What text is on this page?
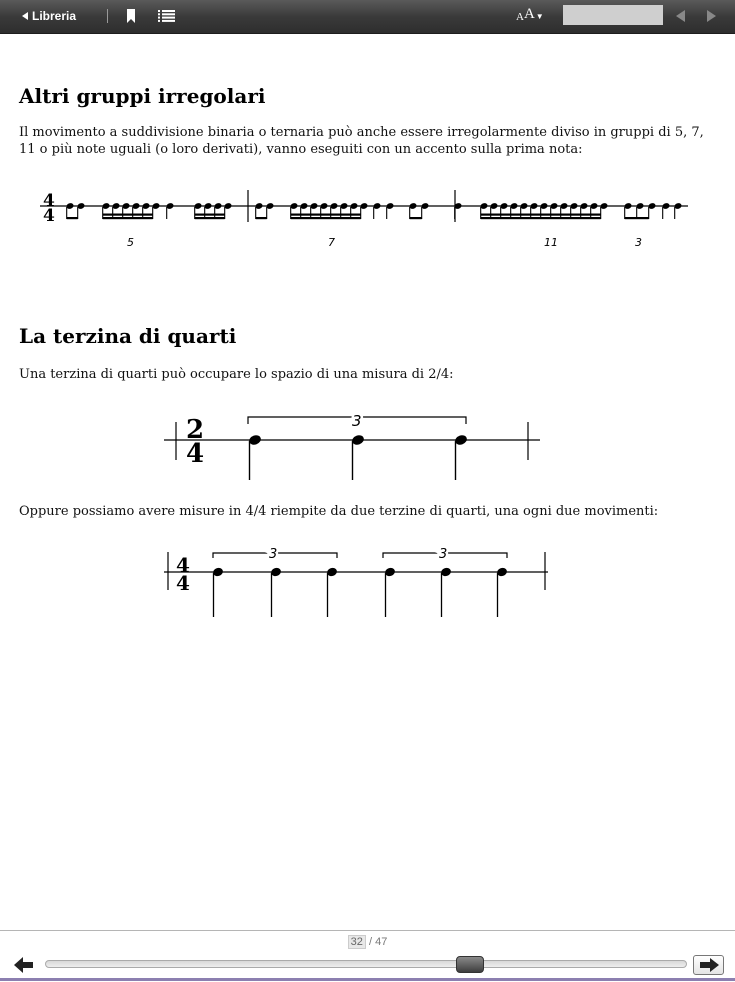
Libreria	A A ▼
Altri gruppi irregolari

Il movimento a suddivisione binaria o ternaria può anche essere irregolarmente diviso in gruppi di 5, 7, 11 o più note uguali (o loro derivati), vanno eseguiti con un accento sulla prima nota:

4
4
5	7	11	3
La terzina di quarti

Una terzina di quarti può occupare lo spazio di una misura di 2/4:

2
4
3

Oppure possiamo avere misure in 4/4 riempite da due terzine di quarti, una ogni due movimenti:

4
4
3	3
32 / 47
